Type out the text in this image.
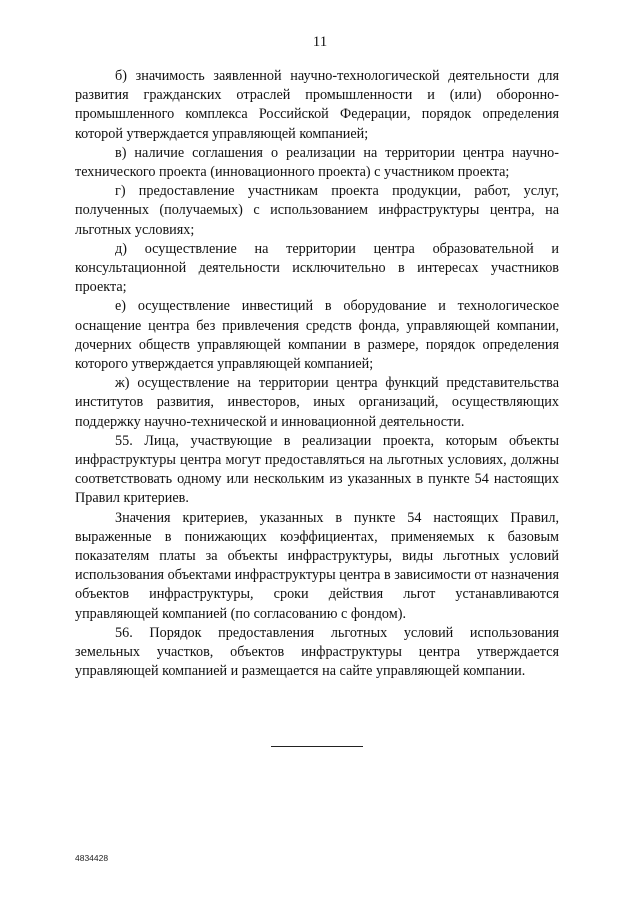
11

б) значимость заявленной научно-технологической деятельности для развития гражданских отраслей промышленности и (или) оборонно-промышленного комплекса Российской Федерации, порядок определения которой утверждается управляющей компанией;

в) наличие соглашения о реализации на территории центра научно-технического проекта (инновационного проекта) с участником проекта;

г) предоставление участникам проекта продукции, работ, услуг, полученных (получаемых) с использованием инфраструктуры центра, на льготных условиях;

д) осуществление на территории центра образовательной и консультационной деятельности исключительно в интересах участников проекта;

е) осуществление инвестиций в оборудование и технологическое оснащение центра без привлечения средств фонда, управляющей компании, дочерних обществ управляющей компании в размере, порядок определения которого утверждается управляющей компанией;

ж) осуществление на территории центра функций представительства институтов развития, инвесторов, иных организаций, осуществляющих поддержку научно-технической и инновационной деятельности.

55. Лица, участвующие в реализации проекта, которым объекты инфраструктуры центра могут предоставляться на льготных условиях, должны соответствовать одному или нескольким из указанных в пункте 54 настоящих Правил критериев.

Значения критериев, указанных в пункте 54 настоящих Правил, выраженные в понижающих коэффициентах, применяемых к базовым показателям платы за объекты инфраструктуры, виды льготных условий использования объектами инфраструктуры центра в зависимости от назначения объектов инфраструктуры, сроки действия льгот устанавливаются управляющей компанией (по согласованию с фондом).

56. Порядок предоставления льготных условий использования земельных участков, объектов инфраструктуры центра утверждается управляющей компанией и размещается на сайте управляющей компании.

4834428
